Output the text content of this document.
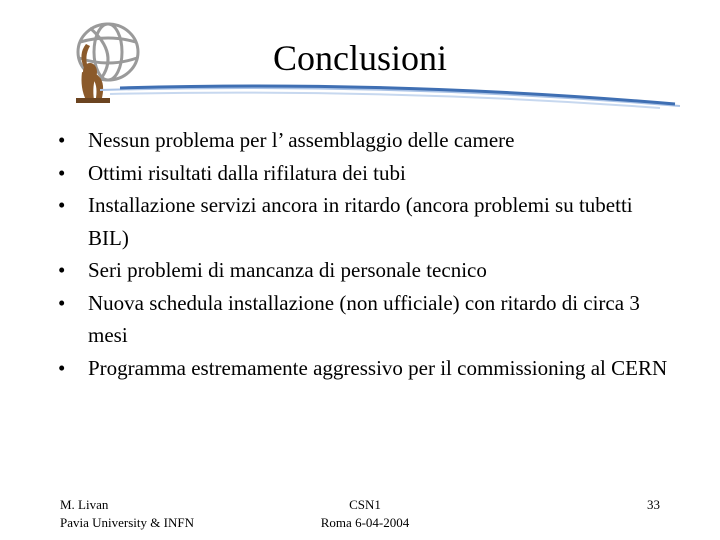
Conclusioni
•	Nessun problema per l’ assemblaggio delle camere
•	Ottimi risultati dalla rifilatura dei tubi
•	Installazione servizi ancora in ritardo (ancora problemi su tubetti BIL)
•	Seri problemi di mancanza di personale tecnico
•	Nuova schedula installazione (non ufficiale) con ritardo di circa 3 mesi
•	Programma estremamente aggressivo per il commissioning al CERN
M. Livan
Pavia University & INFN
CSN1
Roma 6-04-2004
33
